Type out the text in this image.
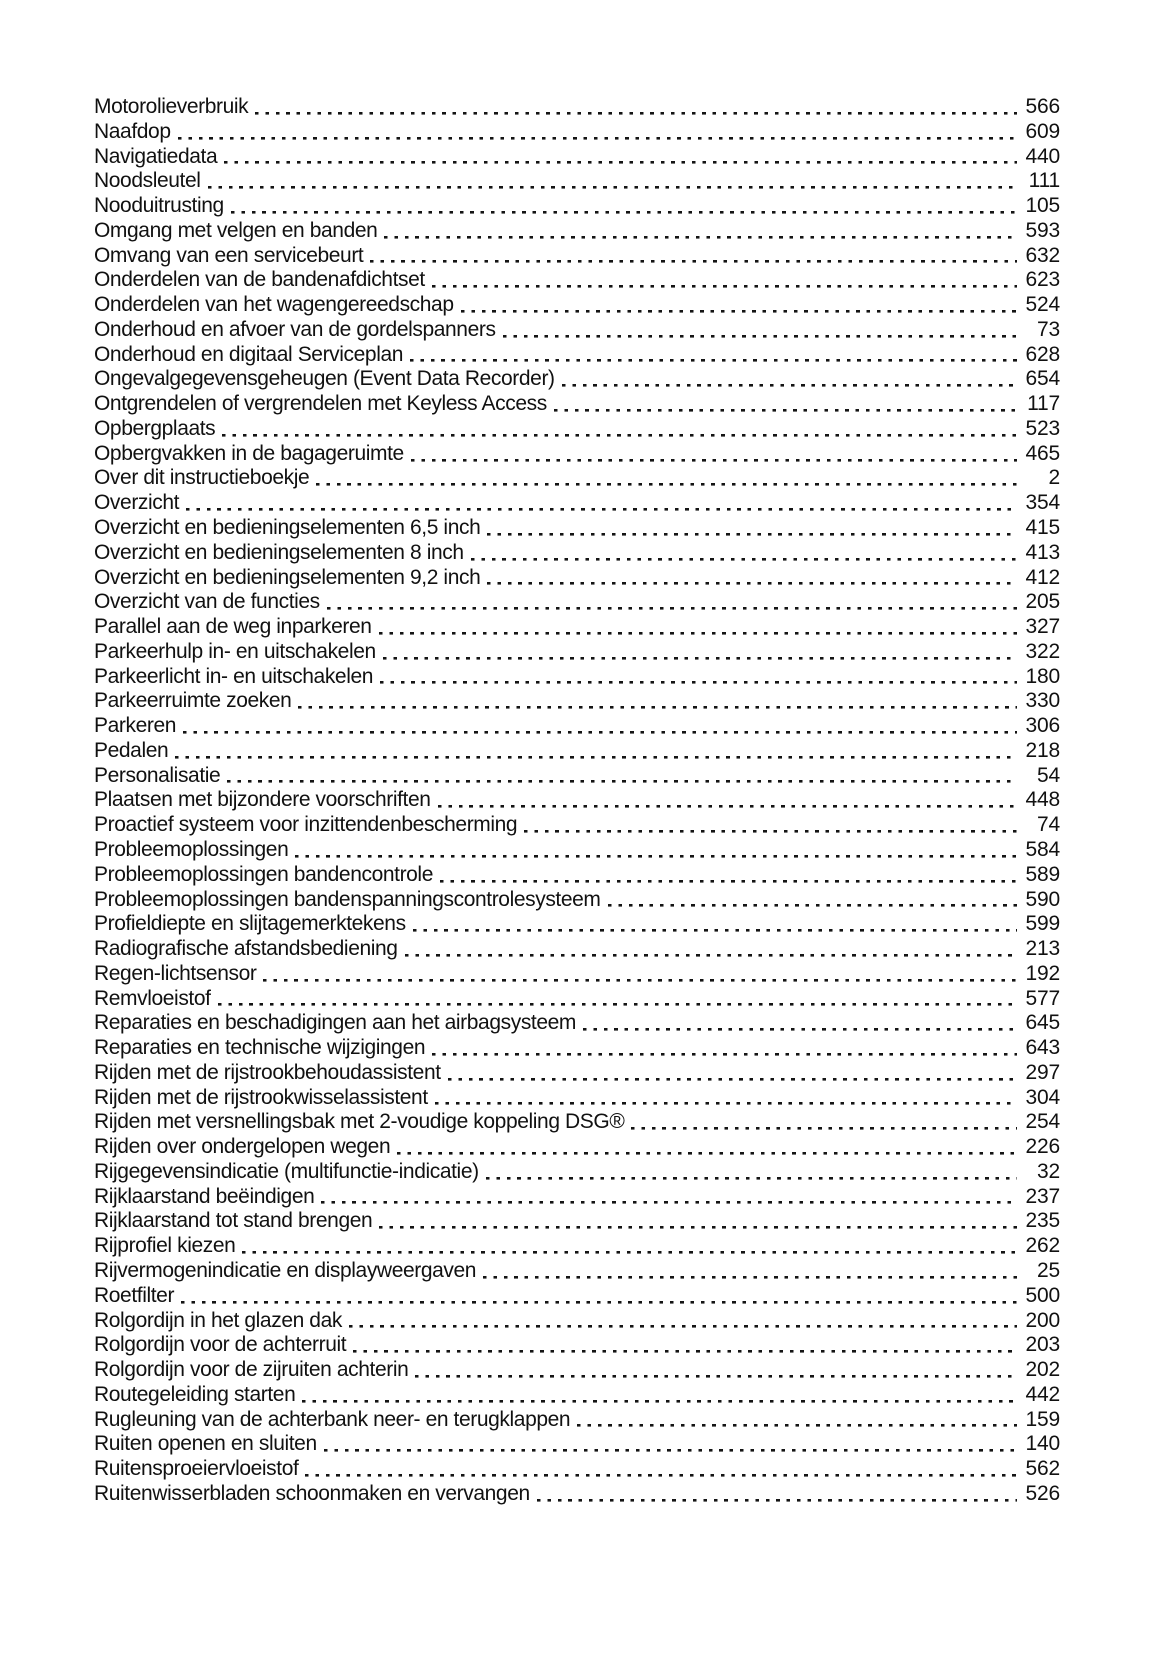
Motorolieverbruik	566
Naafdop	609
Navigatiedata	440
Noodsleutel	111
Nooduitrusting	105
Omgang met velgen en banden	593
Omvang van een servicebeurt	632
Onderdelen van de bandenafdichtset	623
Onderdelen van het wagengereedschap	524
Onderhoud en afvoer van de gordelspanners	73
Onderhoud en digitaal Serviceplan	628
Ongevalgegevensgeheugen (Event Data Recorder)	654
Ontgrendelen of vergrendelen met Keyless Access	117
Opbergplaats	523
Opbergvakken in de bagageruimte	465
Over dit instructieboekje	2
Overzicht	354
Overzicht en bedieningselementen 6,5 inch	415
Overzicht en bedieningselementen 8 inch	413
Overzicht en bedieningselementen 9,2 inch	412
Overzicht van de functies	205
Parallel aan de weg inparkeren	327
Parkeerhulp in- en uitschakelen	322
Parkeerlicht in- en uitschakelen	180
Parkeerruimte zoeken	330
Parkeren	306
Pedalen	218
Personalisatie	54
Plaatsen met bijzondere voorschriften	448
Proactief systeem voor inzittendenbescherming	74
Probleemoplossingen	584
Probleemoplossingen bandencontrole	589
Probleemoplossingen bandenspanningscontrolesysteem	590
Profieldiepte en slijtagemerktekens	599
Radiografische afstandsbediening	213
Regen-lichtsensor	192
Remvloeistof	577
Reparaties en beschadigingen aan het airbagsysteem	645
Reparaties en technische wijzigingen	643
Rijden met de rijstrookbehoudassistent	297
Rijden met de rijstrookwisselassistent	304
Rijden met versnellingsbak met 2-voudige koppeling DSG®	254
Rijden over ondergelopen wegen	226
Rijgegevensindicatie (multifunctie-indicatie)	32
Rijklaarstand beëindigen	237
Rijklaarstand tot stand brengen	235
Rijprofiel kiezen	262
Rijvermogenindicatie en displayweergaven	25
Roetfilter	500
Rolgordijn in het glazen dak	200
Rolgordijn voor de achterruit	203
Rolgordijn voor de zijruiten achterin	202
Routegeleiding starten	442
Rugleuning van de achterbank neer- en terugklappen	159
Ruiten openen en sluiten	140
Ruitensproeiervloeistof	562
Ruitenwisserbladen schoonmaken en vervangen	526
